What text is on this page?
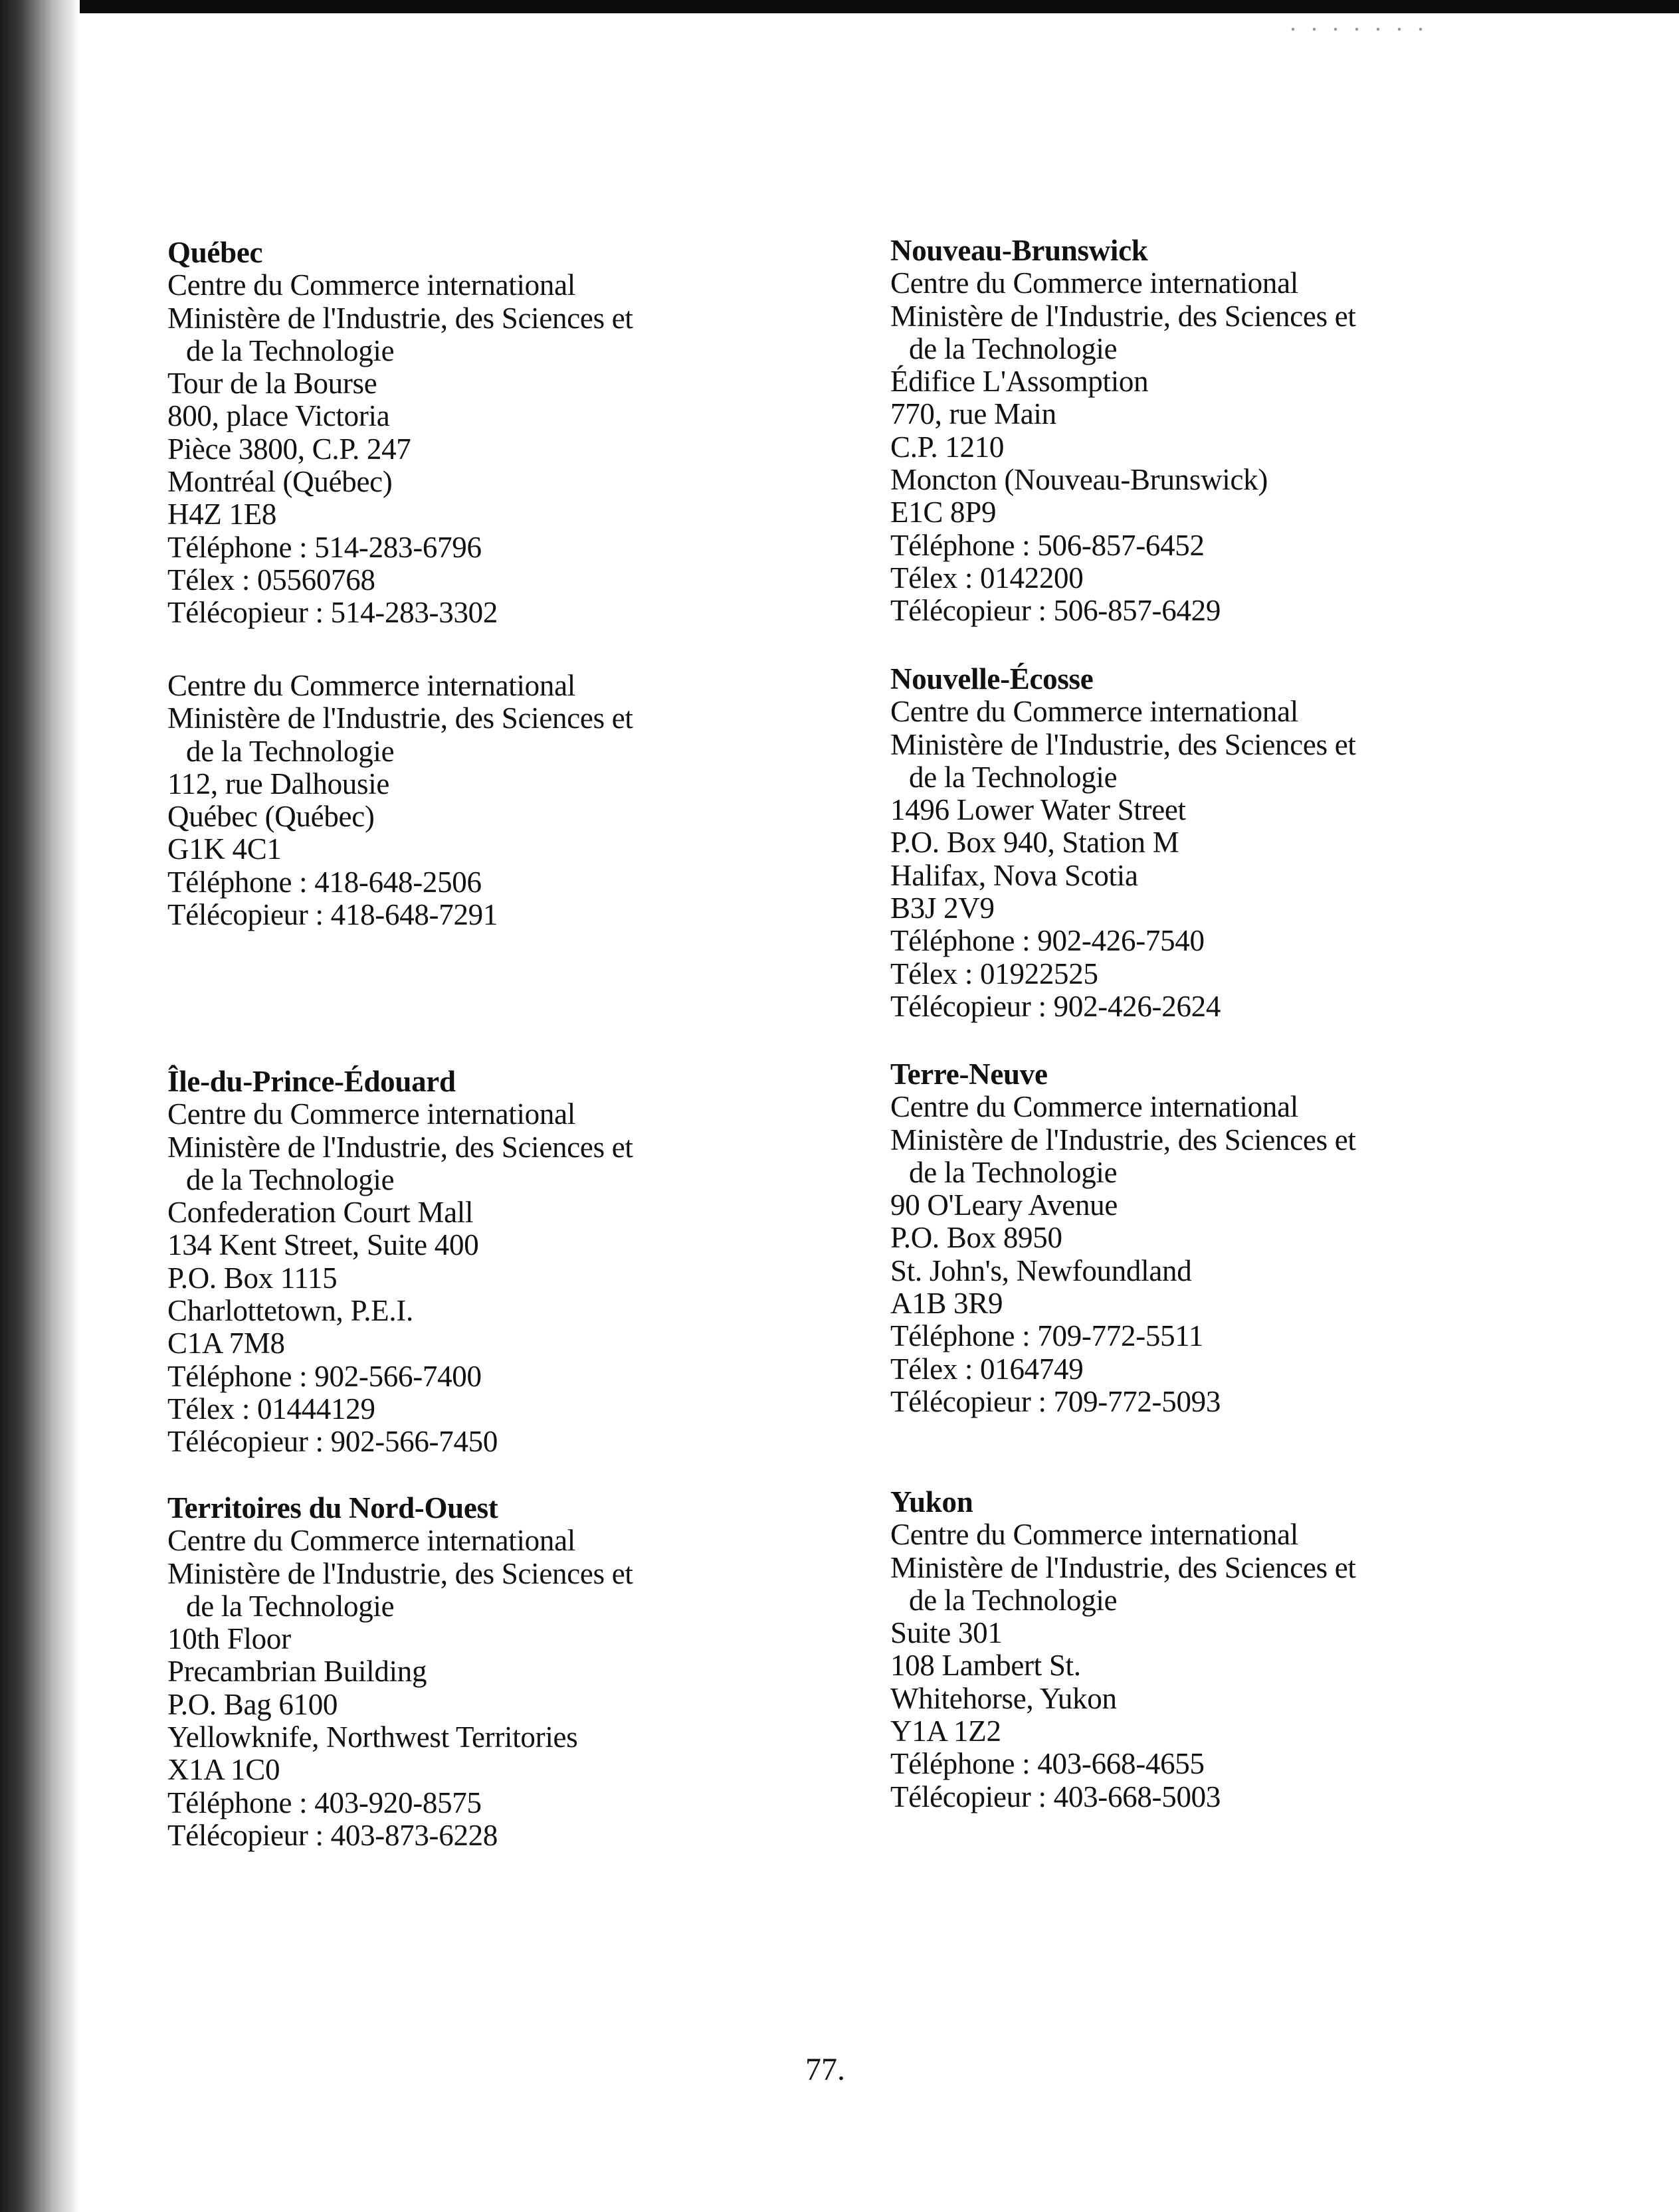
Québec
Centre du Commerce international
Ministère de l'Industrie, des Sciences et
de la Technologie
Tour de la Bourse
800, place Victoria
Pièce 3800, C.P. 247
Montréal (Québec)
H4Z 1E8
Téléphone : 514-283-6796
Télex : 05560768
Télécopieur : 514-283-3302
Centre du Commerce international
Ministère de l'Industrie, des Sciences et
de la Technologie
112, rue Dalhousie
Québec (Québec)
G1K 4C1
Téléphone : 418-648-2506
Télécopieur : 418-648-7291
Île-du-Prince-Édouard
Centre du Commerce international
Ministère de l'Industrie, des Sciences et
de la Technologie
Confederation Court Mall
134 Kent Street, Suite 400
P.O. Box 1115
Charlottetown, P.E.I.
C1A 7M8
Téléphone : 902-566-7400
Télex : 01444129
Télécopieur : 902-566-7450
Territoires du Nord-Ouest
Centre du Commerce international
Ministère de l'Industrie, des Sciences et
de la Technologie
10th Floor
Precambrian Building
P.O. Bag 6100
Yellowknife, Northwest Territories
X1A 1C0
Téléphone : 403-920-8575
Télécopieur : 403-873-6228
Nouveau-Brunswick
Centre du Commerce international
Ministère de l'Industrie, des Sciences et
de la Technologie
Édifice L'Assomption
770, rue Main
C.P. 1210
Moncton (Nouveau-Brunswick)
E1C 8P9
Téléphone : 506-857-6452
Télex : 0142200
Télécopieur : 506-857-6429
Nouvelle-Écosse
Centre du Commerce international
Ministère de l'Industrie, des Sciences et
de la Technologie
1496 Lower Water Street
P.O. Box 940, Station M
Halifax, Nova Scotia
B3J 2V9
Téléphone : 902-426-7540
Télex : 01922525
Télécopieur : 902-426-2624
Terre-Neuve
Centre du Commerce international
Ministère de l'Industrie, des Sciences et
de la Technologie
90 O'Leary Avenue
P.O. Box 8950
St. John's, Newfoundland
A1B 3R9
Téléphone : 709-772-5511
Télex : 0164749
Télécopieur : 709-772-5093
Yukon
Centre du Commerce international
Ministère de l'Industrie, des Sciences et
de la Technologie
Suite 301
108 Lambert St.
Whitehorse, Yukon
Y1A 1Z2
Téléphone : 403-668-4655
Télécopieur : 403-668-5003
77.
